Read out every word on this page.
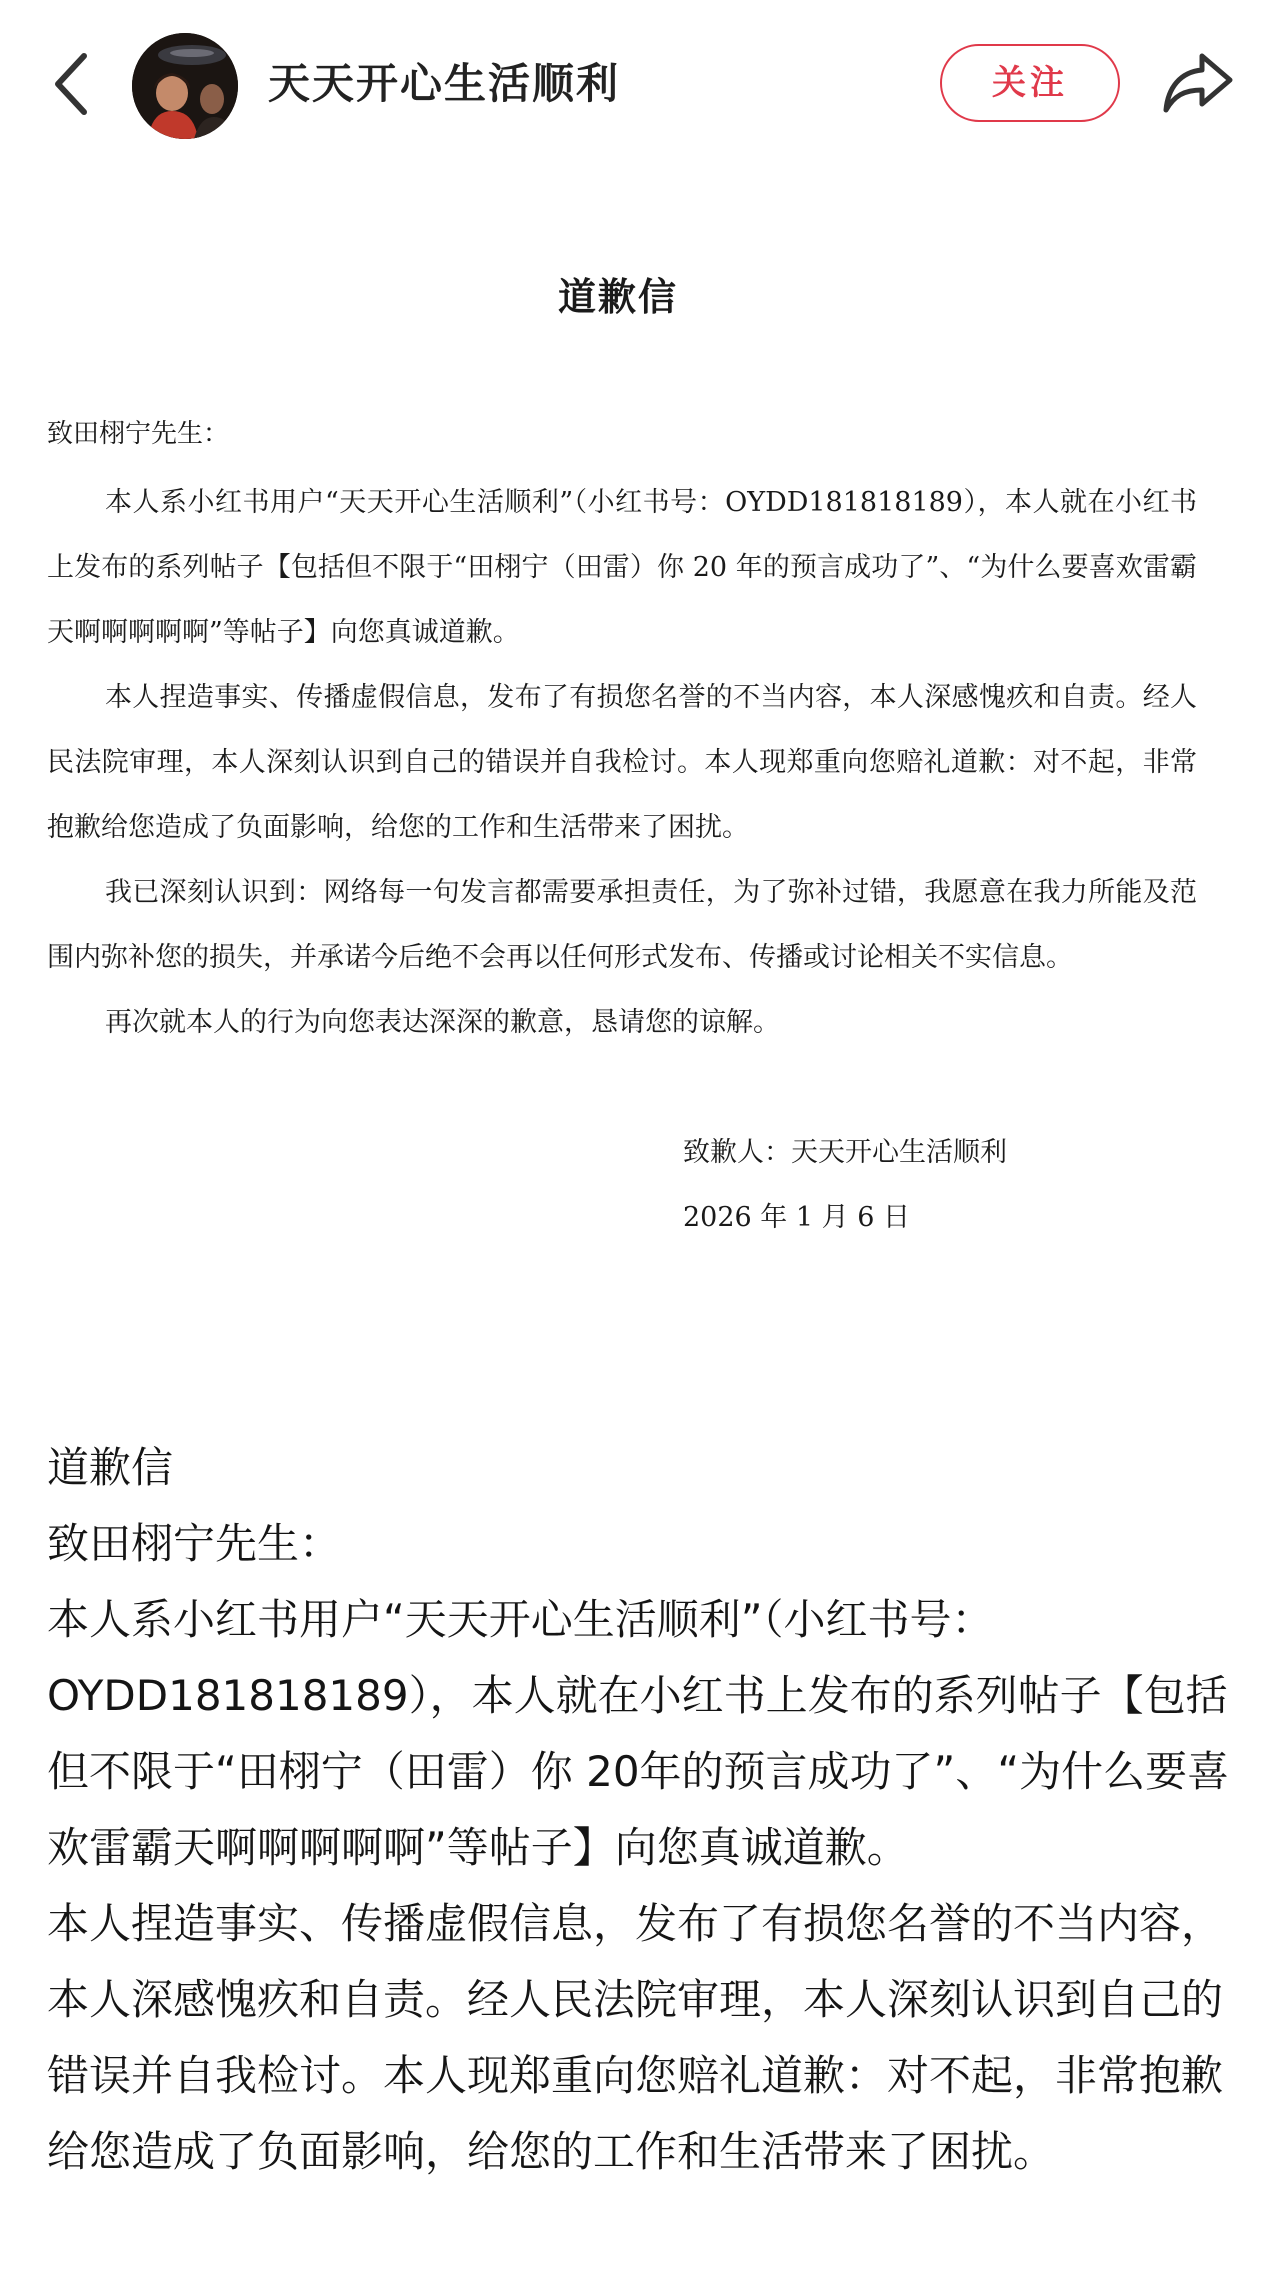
天天开心生活顺利	关注
道歉信
致田栩宁先生：

本人系小红书用户“天天开心生活顺利”（小红书号：OYDD181818189），本人就在小红书上发布的系列帖子【包括但不限于“田栩宁（田雷）你 20 年的预言成功了”、“为什么要喜欢雷霸天啊啊啊啊啊”等帖子】向您真诚道歉。

本人捏造事实、传播虚假信息，发布了有损您名誉的不当内容，本人深感愧疚和自责。经人民法院审理，本人深刻认识到自己的错误并自我检讨。本人现郑重向您赔礼道歉：对不起，非常抱歉给您造成了负面影响，给您的工作和生活带来了困扰。

我已深刻认识到：网络每一句发言都需要承担责任，为了弥补过错，我愿意在我力所能及范围内弥补您的损失，并承诺今后绝不会再以任何形式发布、传播或讨论相关不实信息。

再次就本人的行为向您表达深深的歉意，恳请您的谅解。

致歉人：天天开心生活顺利
2026 年 1 月 6 日

道歉信

致田栩宁先生：

本人系小红书用户“天天开心生活顺利”（小红书号：OYDD181818189），本人就在小红书上发布的系列帖子【包括但不限于“田栩宁（田雷）你 20年的预言成功了”、“为什么要喜欢雷霸天啊啊啊啊啊”等帖子】向您真诚道歉。

本人捏造事实、传播虚假信息，发布了有损您名誉的不当内容，本人深感愧疚和自责。经人民法院审理，本人深刻认识到自己的错误并自我检讨。本人现郑重向您赔礼道歉：对不起，非常抱歉给您造成了负面影响，给您的工作和生活带来了困扰。
